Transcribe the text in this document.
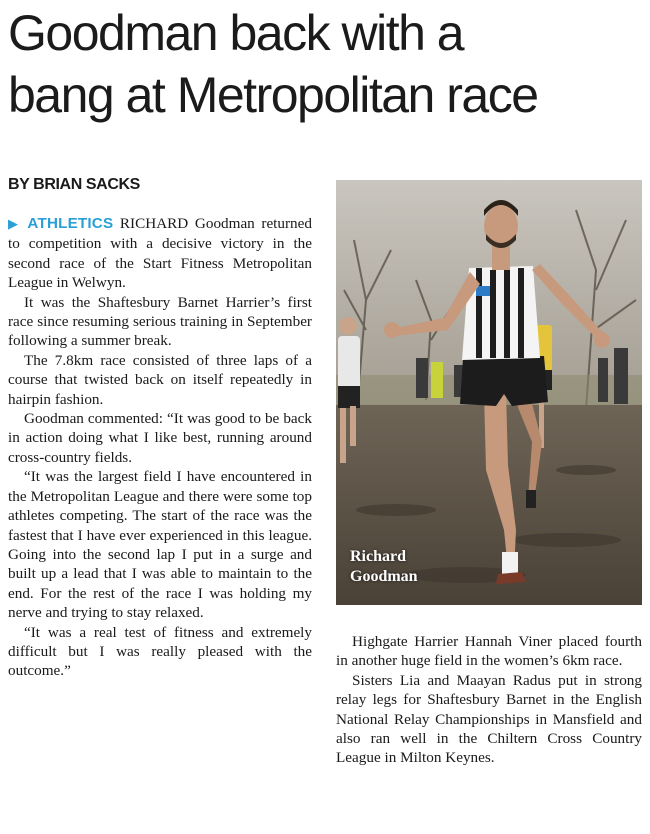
Goodman back with a
bang at Metropolitan race
BY BRIAN SACKS

▶ ATHLETICS RICHARD Goodman returned to competition with a decisive victory in the second race of the Start Fitness Metropolitan League in Welwyn.

It was the Shaftesbury Barnet Harrier’s first race since resuming serious training in September following a summer break.

The 7.8km race consisted of three laps of a course that twisted back on itself repeatedly in hairpin fashion.

Goodman commented: “It was good to be back in action doing what I like best, running around cross-country fields.

“It was the largest field I have encountered in the Metropolitan League and there were some top athletes competing. The start of the race was the fastest that I have ever experienced in this league. Going into the second lap I put in a surge and built up a lead that I was able to maintain to the end. For the rest of the race I was holding my nerve and trying to stay relaxed.

“It was a real test of fitness and extremely difficult but I was really pleased with the outcome.”

Richard
Goodman

Highgate Harrier Hannah Viner placed fourth in another huge field in the women’s 6km race.

Sisters Lia and Maayan Radus put in strong relay legs for Shaftesbury Barnet in the English National Relay Championships in Mansfield and also ran well in the Chiltern Cross Country League in Milton Keynes.
